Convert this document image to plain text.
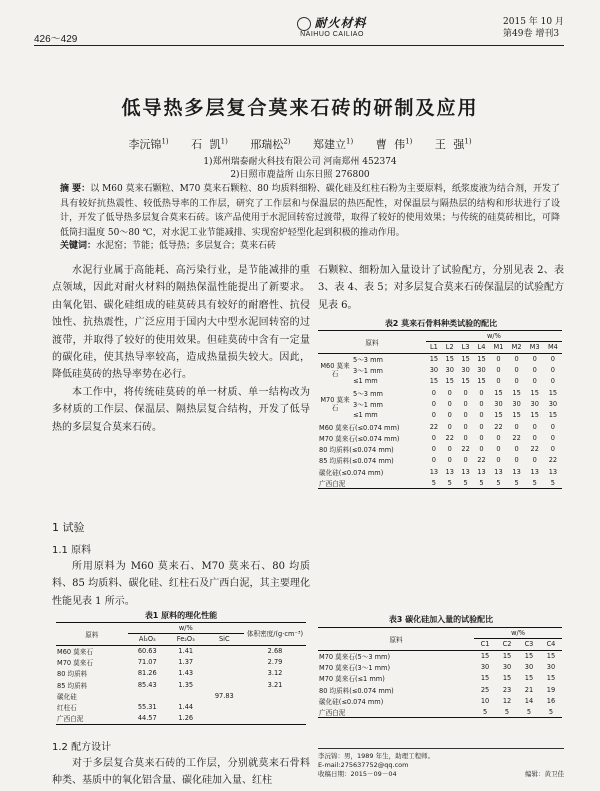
426～429
耐火材料
NAIHUO CAILIAO
2015 年 10 月
第49卷 增刊3
低导热多层复合莫来石砖的研制及应用
李沅锦$^{1)}$ 石 凯$^{1)}$ 邢瑞松$^{2)}$ 郑建立$^{1)}$ 曹 伟$^{1)}$ 王 强$^{1)}$
1)郑州瑞泰耐火科技有限公司 河南郑州 452374
2)日照市鹿益所 山东日照 276800
摘 要：以 M60 莫来石颗粒、M70 莫来石颗粒、80 均质料细粉、碳化硅及红柱石粉为主要原料，纸浆废液为结合剂，开发了具有较好抗热震性、较低热导率的工作层，研究了工作层和与保温层的热匹配性，对保温层与隔热层的结构和形状进行了设计，开发了低导热多层复合莫来石砖。该产品使用于水泥回转窑过渡带，取得了较好的使用效果；与传统的硅莫砖相比，可降低筒扫温度 50～80 ℃，对水泥工业节能减排、实现窑炉轻型化起到积极的推动作用。
关键词：水泥窑；节能；低导热；多层复合；莫来石砖

水泥行业属于高能耗、高污染行业，是节能减排的重点领域，因此对耐火材料的隔热保温性能提出了新要求。由氧化铝、碳化硅组成的硅莫砖具有较好的耐磨性、抗侵蚀性、抗热震性，广泛应用于国内大中型水泥回转窑的过渡带，并取得了较好的使用效果。但硅莫砖中含有一定量的碳化硅，使其热导率较高，造成热量损失较大。因此，降低硅莫砖的热导率势在必行。

本工作中，将传统硅莫砖的单一材质、单一结构改为多材质的工作层、保温层、隔热层复合结构，开发了低导热的多层复合莫来石砖。

1 试验
1.1 原料
所用原料为 M60 莫来石、M70 莫来石、80 均质料、85 均质料、碳化硅、红柱石及广西白泥，其主要理化性能见表 1 所示。
表1 原料的理化性能
原料	w/%			体积密度/(g·cm⁻³)
	Al₂O₃	Fe₂O₃	SiC	
M60 莫来石	60.63	1.41		2.68
M70 莫来石	71.07	1.37		2.79
80 均质料	81.26	1.43		3.12
85 均质料	85.43	1.35		3.21
碳化硅			97.83	
红柱石	55.31	1.44		
广西白泥	44.57	1.26		
1.2 配方设计
对于多层复合莫来石砖的工作层，分别就莫来石骨料种类、基质中的氧化铝含量、碳化硅加入量、红柱
石颗粒、细粉加入量设计了试验配方，分别见表 2、表 3、表 4、表 5；对多层复合莫来石砖保温层的试验配方见表 6。
表2 莫来石骨料种类试验的配比
原料		w/%							
		L1	L2	L3	L4	M1	M2	M3	M4
M60 莫来石	5～3 mm	15	15	15	15	0	0	0	0
	3～1 mm	30	30	30	30	0	0	0	0
	≤1 mm	15	15	15	15	0	0	0	0
M70 莫来石	5～3 mm	0	0	0	0	15	15	15	15
	3～1 mm	0	0	0	0	30	30	30	30
	≤1 mm	0	0	0	0	15	15	15	15
M60 莫来石(≤0.074 mm)		22	0	0	0	22	0	0	0
M70 莫来石(≤0.074 mm)		0	22	0	0	0	22	0	0
80 均质料(≤0.074 mm)		0	0	22	0	0	0	22	0
85 均质料(≤0.074 mm)		0	0	0	22	0	0	0	22
碳化硅(≤0.074 mm)		13	13	13	13	13	13	13	13
广西白泥		5	5	5	5	5	5	5	5
表3 碳化硅加入量的试验配比
原料	w/%			
	C1	C2	C3	C4
M70 莫来石(5～3 mm)	15	15	15	15
M70 莫来石(3～1 mm)	30	30	30	30
M70 莫来石(≤1 mm)	15	15	15	15
80 均质料(≤0.074 mm)	25	23	21	19
碳化硅(≤0.074 mm)	10	12	14	16
广西白泥	5	5	5	5
李沅锦：男，1989 年生，助理工程师。
E-mail:275637752@qq.com
收稿日期：2015－09－04	编辑：黄卫佳
